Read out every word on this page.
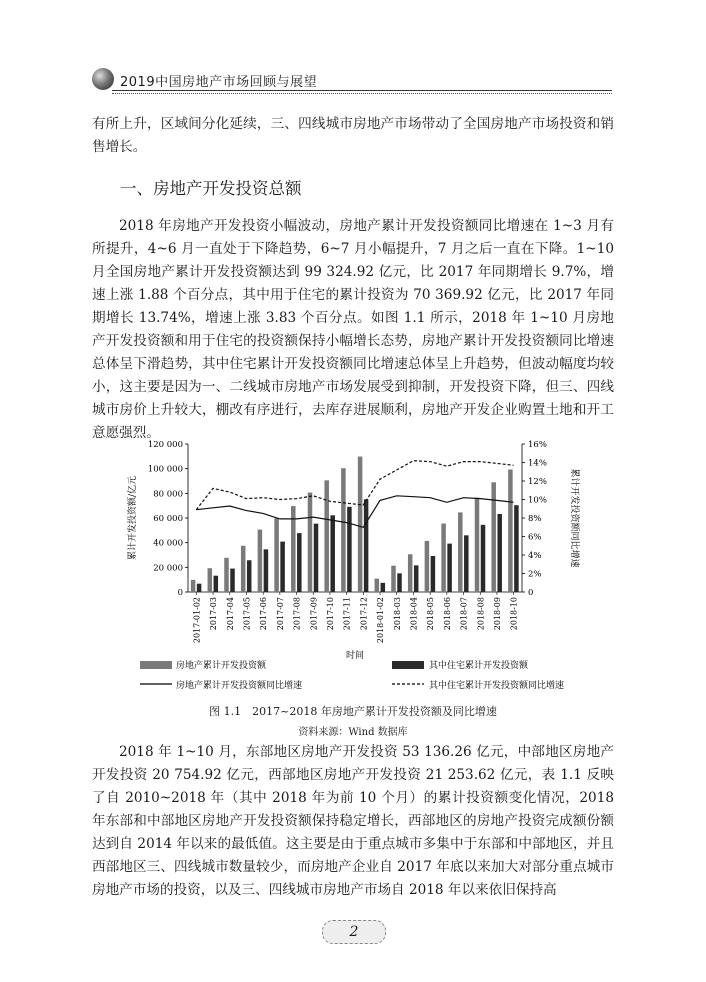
2019中国房地产市场回顾与展望
有所上升，区域间分化延续，三、四线城市房地产市场带动了全国房地产市场投资和销售增长。
一、房地产开发投资总额
2018 年房地产开发投资小幅波动，房地产累计开发投资额同比增速在 1~3 月有所提升，4~6 月一直处于下降趋势，6~7 月小幅提升，7 月之后一直在下降。1~10 月全国房地产累计开发投资额达到 99 324.92 亿元，比 2017 年同期增长 9.7%，增速上涨 1.88 个百分点，其中用于住宅的累计投资为 70 369.92 亿元，比 2017 年同期增长 13.74%，增速上涨 3.83 个百分点。如图 1.1 所示，2018 年 1~10 月房地产开发投资额和用于住宅的投资额保持小幅增长态势，房地产累计开发投资额同比增速总体呈下滑趋势，其中住宅累计开发投资额同比增速总体呈上升趋势，但波动幅度均较小，这主要是因为一、二线城市房地产市场发展受到抑制，开发投资下降，但三、四线城市房价上升较大，棚改有序进行，去库存进展顺利，房地产开发企业购置土地和开工意愿强烈。
0
20 000
40 000
60 000
80 000
100 000
120 000
0
2%
4%
6%
8%
10%
12%
14%
16%
2017-01-02 2017-03 2017-04 2017-05 2017-06 2017-07 2017-08 2017-09 2017-10 2017-11 2017-12 2018-01-02 2018-03 2018-04 2018-05 2018-06 2018-07 2018-08 2018-09 2018-10
累计开发投资额/亿元	累计开发投资额同比增速
时间
房地产累计开发投资额	其中住宅累计开发投资额
房地产累计开发投资额同比增速	其中住宅累计开发投资额同比增速
图 1.1　2017~2018 年房地产累计开发投资额及同比增速
资料来源：Wind 数据库
2018 年 1~10 月，东部地区房地产开发投资 53 136.26 亿元，中部地区房地产开发投资 20 754.92 亿元，西部地区房地产开发投资 21 253.62 亿元，表 1.1 反映了自 2010~2018 年（其中 2018 年为前 10 个月）的累计投资额变化情况，2018 年东部和中部地区房地产开发投资额保持稳定增长，西部地区的房地产投资完成额份额达到自 2014 年以来的最低值。这主要是由于重点城市多集中于东部和中部地区，并且西部地区三、四线城市数量较少，而房地产企业自 2017 年底以来加大对部分重点城市房地产市场的投资，以及三、四线城市房地产市场自 2018 年以来依旧保持高
2
